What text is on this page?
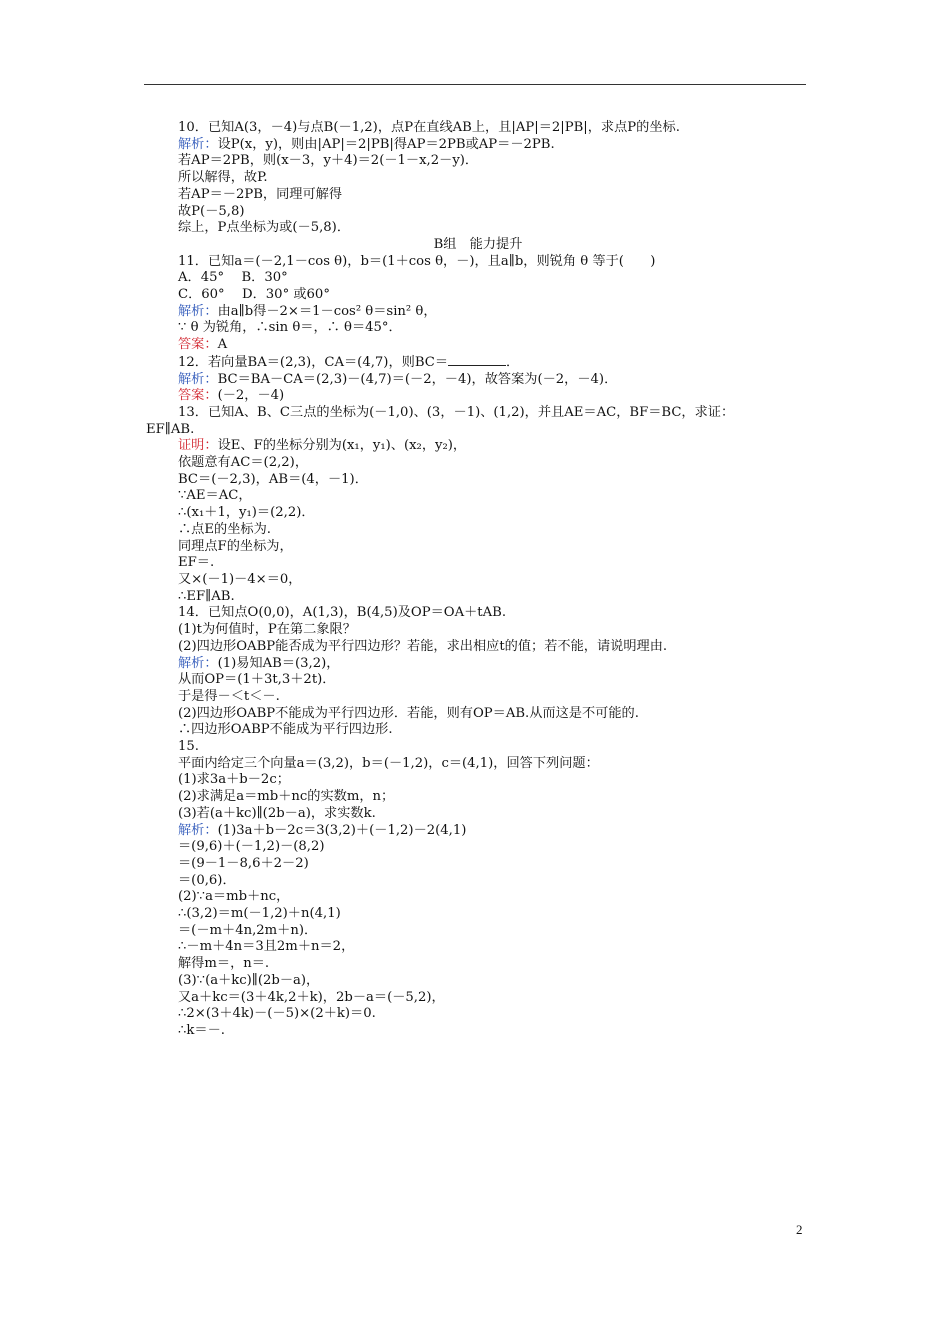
10．已知A(3，－4)与点B(－1,2)，点P在直线AB上，且|AP|＝2|PB|，求点P的坐标.
解析：设P(x，y)，则由|AP|＝2|PB|得AP＝2PB或AP＝－2PB.
若AP＝2PB，则(x－3，y＋4)＝2(－1－x,2－y)．
所以解得，故P.
若AP＝－2PB，同理可解得
故P(－5,8)
综上，P点坐标为或(－5,8)．
B组　能力提升
11．已知a＝(－2,1－cos θ)，b＝(1＋cos θ，－)，且a∥b，则锐角 θ 等于(　　)
A．45°　 B．30°
C．60°　 D．30° 或60°
解析：由a∥b得－2×＝1－cos² θ＝sin² θ，
∵ θ 为锐角，∴sin θ＝，∴ θ＝45°．
答案：A
12．若向量BA＝(2,3)，CA＝(4,7)，则BC＝	．
解析：BC＝BA－CA＝(2,3)－(4,7)＝(－2，－4)，故答案为(－2，－4)．
答案：(－2，－4)
13．已知A、B、C三点的坐标为(－1,0)、(3，－1)、(1,2)，并且AE＝AC，BF＝BC，求证：
EF∥AB.
证明：设E、F的坐标分别为(x₁，y₁)、(x₂，y₂)，
依题意有AC＝(2,2)，
BC＝(－2,3)，AB＝(4，－1)．
∵AE＝AC，
∴(x₁＋1，y₁)＝(2,2)．
∴点E的坐标为.
同理点F的坐标为，
EF＝.
又×(－1)－4×＝0，
∴EF∥AB.
14．已知点O(0,0)，A(1,3)，B(4,5)及OP＝OA＋tAB.
(1)t为何值时，P在第二象限？
(2)四边形OABP能否成为平行四边形？若能，求出相应t的值；若不能，请说明理由.
解析：(1)易知AB＝(3,2)，
从而OP＝(1＋3t,3＋2t)．
于是得－＜t＜－.
(2)四边形OABP不能成为平行四边形．若能，则有OP＝AB.从而这是不可能的.
∴四边形OABP不能成为平行四边形.
15.
平面内给定三个向量a＝(3,2)，b＝(－1,2)，c＝(4,1)，回答下列问题：
(1)求3a＋b－2c；
(2)求满足a＝mb＋nc的实数m，n；
(3)若(a＋kc)∥(2b－a)，求实数k.
解析：(1)3a＋b－2c＝3(3,2)＋(－1,2)－2(4,1)
＝(9,6)＋(－1,2)－(8,2)
＝(9－1－8,6＋2－2)
＝(0,6)．
(2)∵a＝mb＋nc，
∴(3,2)＝m(－1,2)＋n(4,1)
＝(－m＋4n,2m＋n)．
∴－m＋4n＝3且2m＋n＝2，
解得m＝，n＝.
(3)∵(a＋kc)∥(2b－a)，
又a＋kc＝(3＋4k,2＋k)，2b－a＝(－5,2)，
∴2×(3＋4k)－(－5)×(2＋k)＝0.
∴k＝－.
2
